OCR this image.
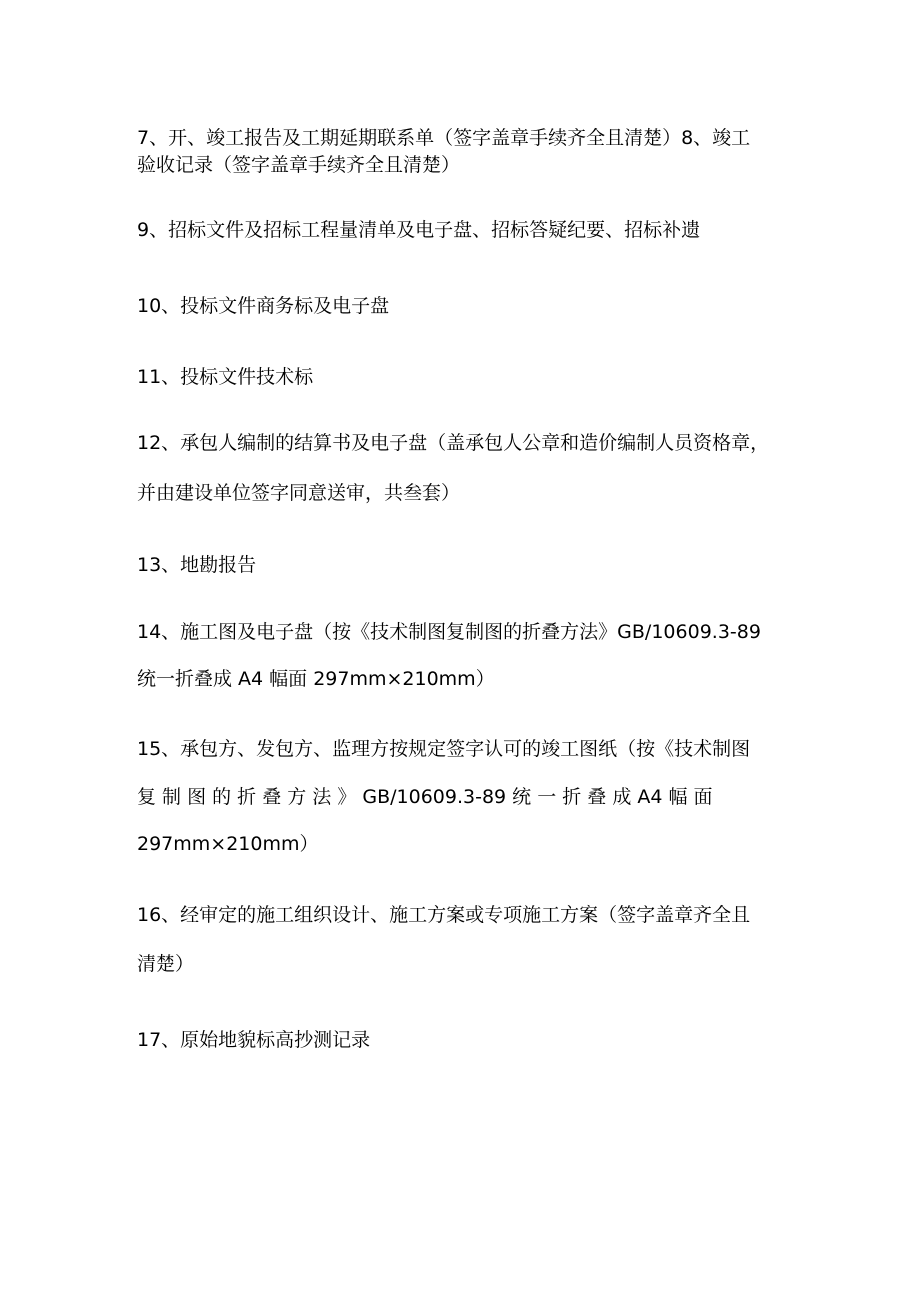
7、开、竣工报告及工期延期联系单（签字盖章手续齐全且清楚）8、竣工
验收记录（签字盖章手续齐全且清楚）
9、招标文件及招标工程量清单及电子盘、招标答疑纪要、招标补遗
10、投标文件商务标及电子盘
11、投标文件技术标
12、承包人编制的结算书及电子盘（盖承包人公章和造价编制人员资格章，
并由建设单位签字同意送审，共叁套）
13、地勘报告
14、施工图及电子盘（按《技术制图复制图的折叠方法》GB/10609.3-89
统一折叠成 A4 幅面 297mm×210mm）
15、承包方、发包方、监理方按规定签字认可的竣工图纸（按《技术制图
复 制 图 的 折 叠 方 法 》 GB/10609.3-89 统 一 折 叠 成 A4 幅 面
297mm×210mm）
16、经审定的施工组织设计、施工方案或专项施工方案（签字盖章齐全且
清楚）
17、原始地貌标高抄测记录
